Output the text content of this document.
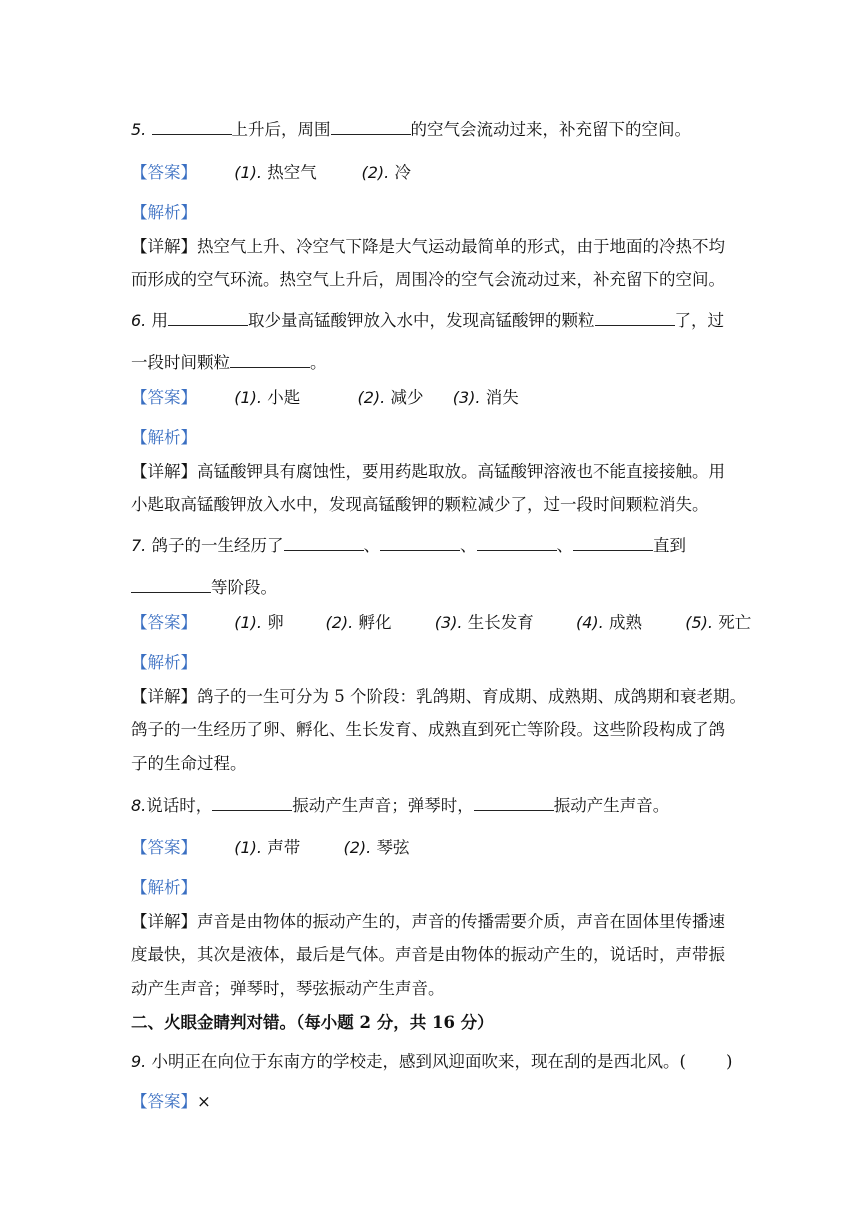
5.	上升后，周围	的空气会流动过来，补充留下的空间。
【答案】 (1). 热空气	(2). 冷
【解析】
【详解】热空气上升、冷空气下降是大气运动最简单的形式，由于地面的冷热不均
而形成的空气环流。热空气上升后，周围冷的空气会流动过来，补充留下的空间。
6. 用	取少量高锰酸钾放入水中，发现高锰酸钾的颗粒	了，过
一段时间颗粒	。
【答案】 (1). 小匙	(2). 减少 (3). 消失
【解析】
【详解】高锰酸钾具有腐蚀性，要用药匙取放。高锰酸钾溶液也不能直接接触。用
小匙取高锰酸钾放入水中，发现高锰酸钾的颗粒减少了，过一段时间颗粒消失。
7. 鸽子的一生经历了	、	、	、	直到
等阶段。
【答案】 (1). 卵	(2). 孵化	(3). 生长发育	(4). 成熟	(5). 死亡
【解析】
【详解】鸽子的一生可分为 5 个阶段：乳鸽期、育成期、成熟期、成鸽期和衰老期。
鸽子的一生经历了卵、孵化、生长发育、成熟直到死亡等阶段。这些阶段构成了鸽
子的生命过程。
8.说话时，	振动产生声音；弹琴时，	振动产生声音。
【答案】 (1). 声带	(2). 琴弦
【解析】
【详解】声音是由物体的振动产生的，声音的传播需要介质，声音在固体里传播速
度最快，其次是液体，最后是气体。声音是由物体的振动产生的，说话时，声带振
动产生声音；弹琴时，琴弦振动产生声音。
二、火眼金睛判对错。（每小题 2 分，共 16 分）
9. 小明正在向位于东南方的学校走，感到风迎面吹来，现在刮的是西北风。( )
【答案】×
